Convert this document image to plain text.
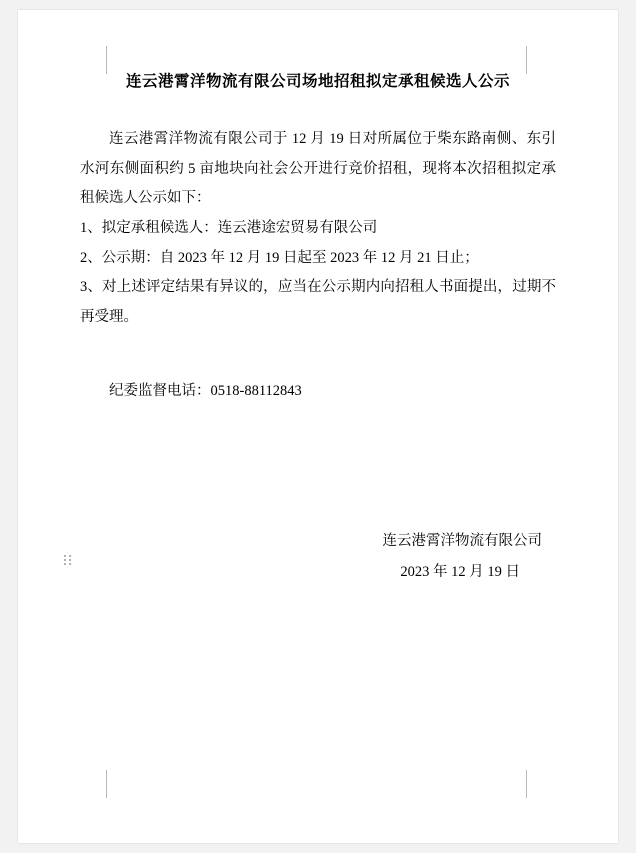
连云港霄洋物流有限公司场地招租拟定承租候选人公示

连云港霄洋物流有限公司于 12 月 19 日对所属位于柴东路南侧、东引水河东侧面积约 5 亩地块向社会公开进行竞价招租，现将本次招租拟定承租候选人公示如下：

1、拟定承租候选人：连云港途宏贸易有限公司

2、公示期：自 2023 年 12 月 19 日起至 2023 年 12 月 21 日止；

3、对上述评定结果有异议的，应当在公示期内向招租人书面提出，过期不再受理。

纪委监督电话：0518-88112843
连云港霄洋物流有限公司
2023 年 12 月 19 日
